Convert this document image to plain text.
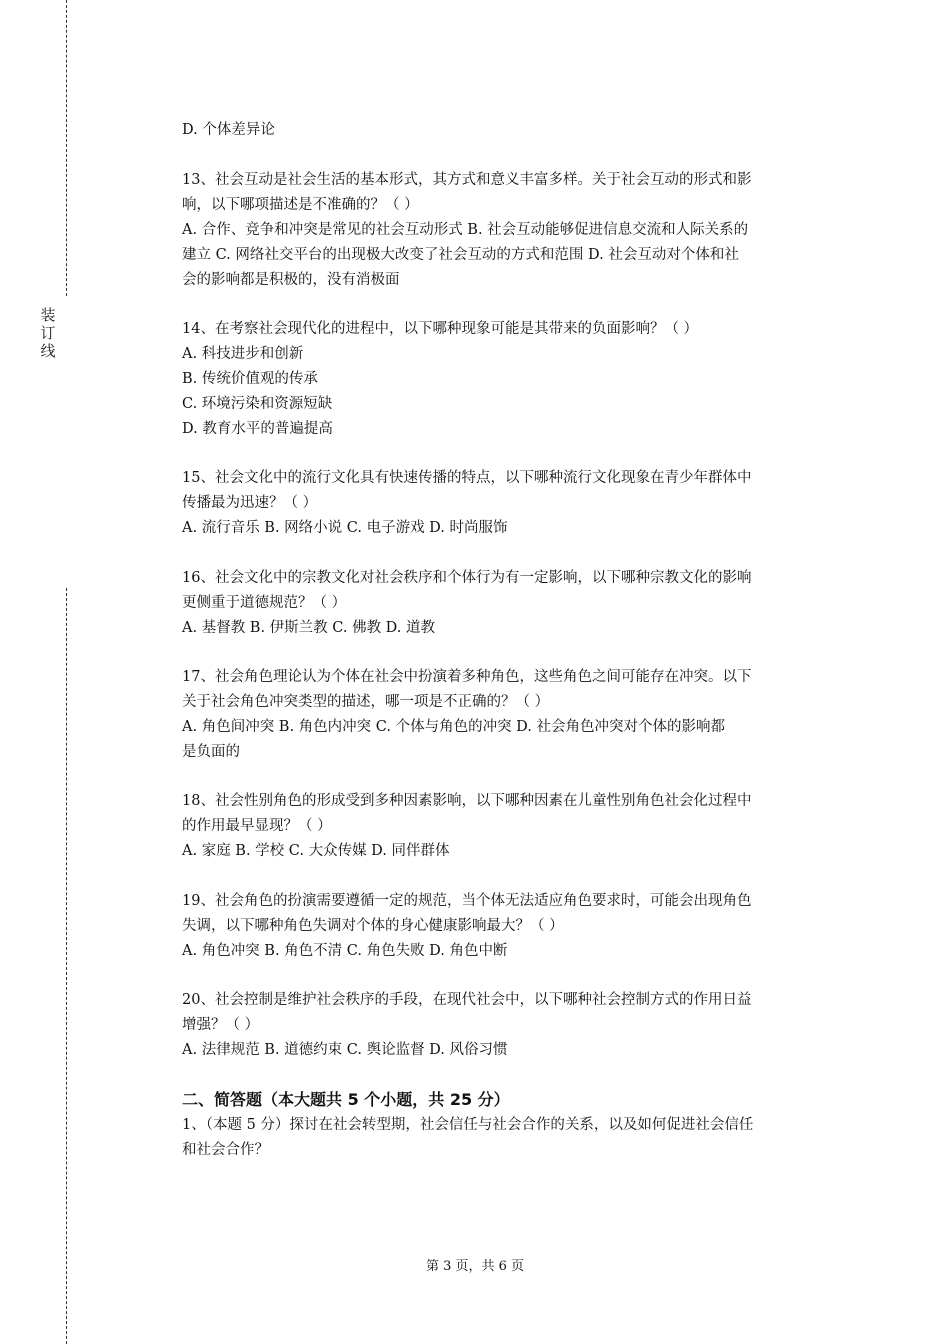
装
订
线
D. 个体差异论
13、社会互动是社会生活的基本形式，其方式和意义丰富多样。关于社会互动的形式和影
响，以下哪项描述是不准确的？（ ）
A. 合作、竞争和冲突是常见的社会互动形式 B. 社会互动能够促进信息交流和人际关系的
建立 C. 网络社交平台的出现极大改变了社会互动的方式和范围 D. 社会互动对个体和社
会的影响都是积极的，没有消极面
14、在考察社会现代化的进程中，以下哪种现象可能是其带来的负面影响？（ ）
A. 科技进步和创新
B. 传统价值观的传承
C. 环境污染和资源短缺
D. 教育水平的普遍提高
15、社会文化中的流行文化具有快速传播的特点，以下哪种流行文化现象在青少年群体中
传播最为迅速？（ ）
A. 流行音乐 B. 网络小说 C. 电子游戏 D. 时尚服饰
16、社会文化中的宗教文化对社会秩序和个体行为有一定影响，以下哪种宗教文化的影响
更侧重于道德规范？（ ）
A. 基督教 B. 伊斯兰教 C. 佛教 D. 道教
17、社会角色理论认为个体在社会中扮演着多种角色，这些角色之间可能存在冲突。以下
关于社会角色冲突类型的描述，哪一项是不正确的？（ ）
A. 角色间冲突 B. 角色内冲突 C. 个体与角色的冲突 D. 社会角色冲突对个体的影响都
是负面的
18、社会性别角色的形成受到多种因素影响，以下哪种因素在儿童性别角色社会化过程中
的作用最早显现？（ ）
A. 家庭 B. 学校 C. 大众传媒 D. 同伴群体
19、社会角色的扮演需要遵循一定的规范，当个体无法适应角色要求时，可能会出现角色
失调，以下哪种角色失调对个体的身心健康影响最大？（ ）
A. 角色冲突 B. 角色不清 C. 角色失败 D. 角色中断
20、社会控制是维护社会秩序的手段，在现代社会中，以下哪种社会控制方式的作用日益
增强？（ ）
A. 法律规范 B. 道德约束 C. 舆论监督 D. 风俗习惯
二、简答题（本大题共 5 个小题，共 25 分）
1、（本题 5 分）探讨在社会转型期，社会信任与社会合作的关系，以及如何促进社会信任
和社会合作？
第 3 页，共 6 页
